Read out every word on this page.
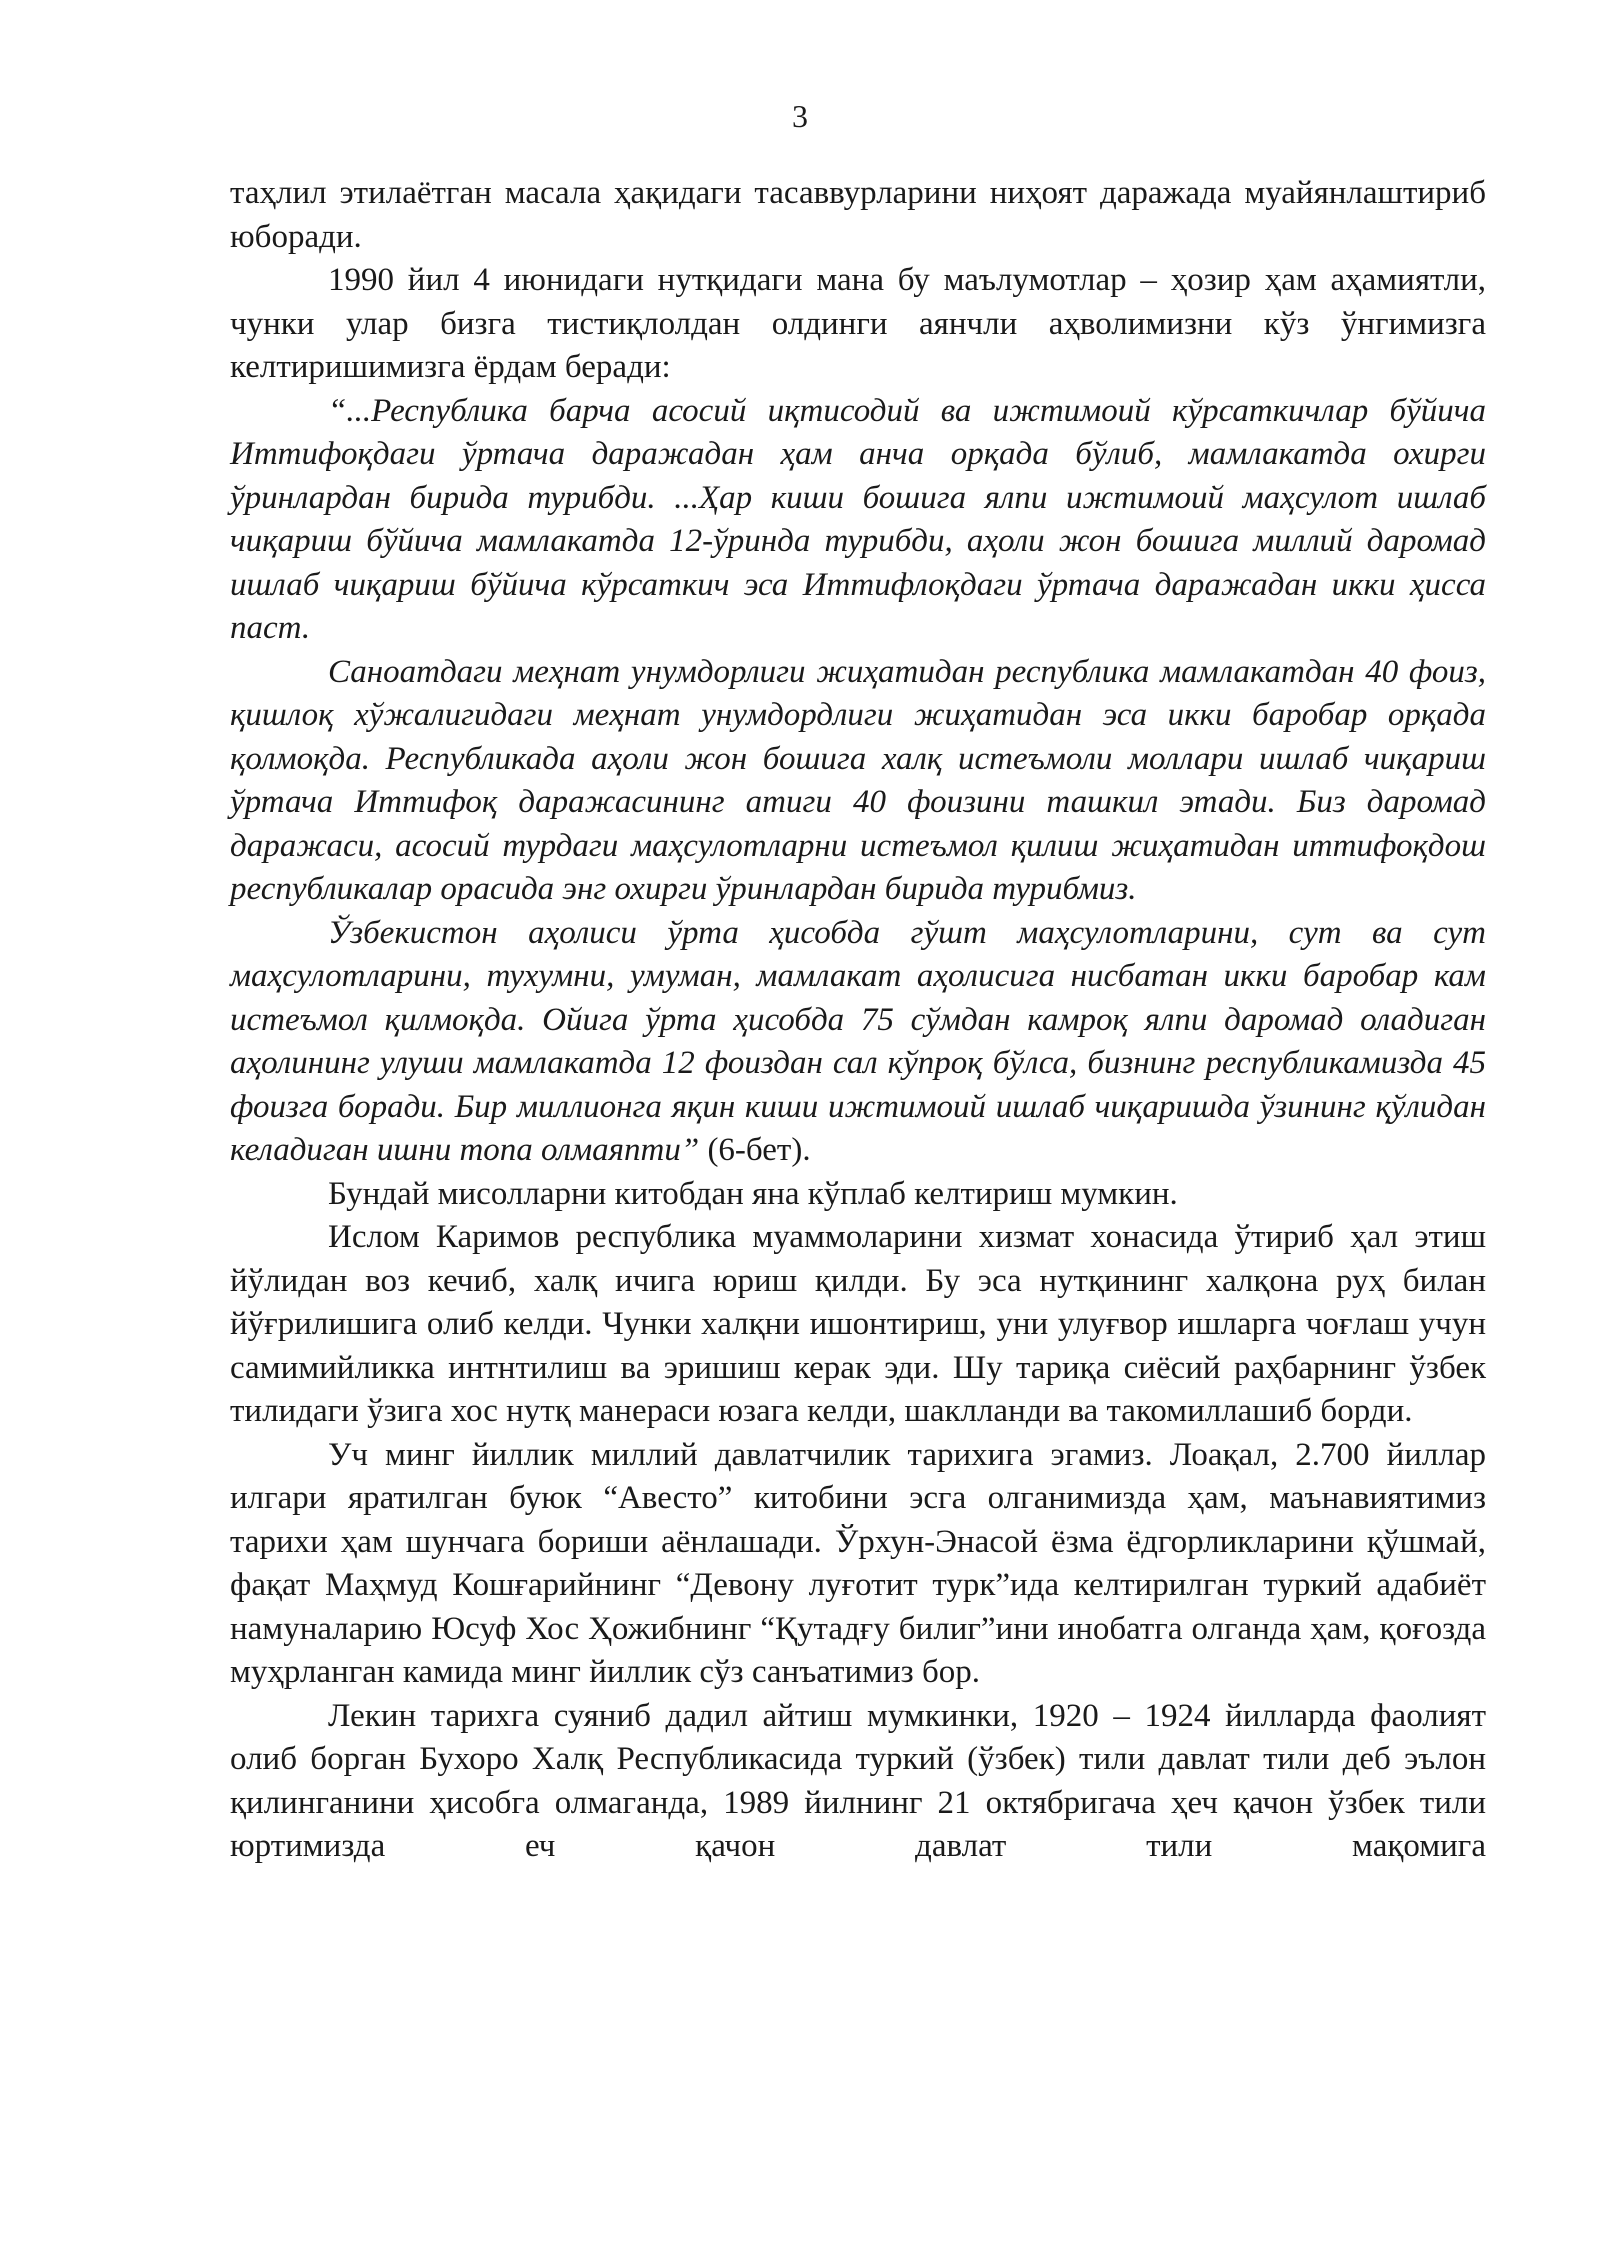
3

таҳлил этилаётган масала ҳақидаги тасаввурларини ниҳоят даражада муайянлаштириб юборади.

1990 йил 4 июнидаги нутқидаги мана бу маълумотлар – ҳозир ҳам аҳамиятли, чунки улар бизга тистиқлолдан олдинги аянчли аҳволимизни кўз ўнгимизга келтиришимизга ёрдам беради:

“...Республика барча асосий иқтисодий ва ижтимоий кўрсаткичлар бўйича Иттифоқдаги ўртача даражадан ҳам анча орқада бўлиб, мамлакатда охирги ўринлардан бирида турибди. ...Ҳар киши бошига ялпи ижтимоий маҳсулот ишлаб чиқариш бўйича мамлакатда 12-ўринда турибди, аҳоли жон бошига миллий даромад ишлаб чиқариш бўйича кўрсаткич эса Иттифлоқдаги ўртача даражадан икки ҳисса паст.

Саноатдаги меҳнат унумдорлиги жиҳатидан республика мамлакатдан 40 фоиз, қишлоқ хўжалигидаги меҳнат унумдордлиги жиҳатидан эса икки баробар орқада қолмоқда. Республикада аҳоли жон бошига халқ истеъмоли моллари ишлаб чиқариш ўртача Иттифоқ даражасининг атиги 40 фоизини ташкил этади. Биз даромад даражаси, асосий турдаги маҳсулотларни истеъмол қилиш жиҳатидан иттифоқдош республикалар орасида энг охирги ўринлардан бирида турибмиз.

Ўзбекистон аҳолиси ўрта ҳисобда гўшт маҳсулотларини, сут ва сут маҳсулотларини, тухумни, умуман, мамлакат аҳолисига нисбатан икки баробар кам истеъмол қилмоқда. Ойига ўрта ҳисобда 75 сўмдан камроқ ялпи даромад оладиган аҳолининг улуши мамлакатда 12 фоиздан сал кўпроқ бўлса, бизнинг республикамизда 45 фоизга боради. Бир миллионга яқин киши ижтимоий ишлаб чиқаришда ўзининг қўлидан келадиган ишни топа олмаяпти” (6-бет).

Бундай мисолларни китобдан яна кўплаб келтириш мумкин.

Ислом Каримов республика муаммоларини хизмат хонасида ўтириб ҳал этиш йўлидан воз кечиб, халқ ичига юриш қилди. Бу эса нутқининг халқона руҳ билан йўғрилишига олиб келди. Чунки халқни ишонтириш, уни улуғвор ишларга чоғлаш учун самимийликка интнтилиш ва эришиш керак эди. Шу тариқа сиёсий раҳбарнинг ўзбек тилидаги ўзига хос нутқ манераси юзага келди, шаклланди ва такомиллашиб борди.

Уч минг йиллик миллий давлатчилик тарихига эгамиз. Лоақал, 2.700 йиллар илгари яратилган буюк “Авесто” китобини эсга олганимизда ҳам, маънавиятимиз тарихи ҳам шунчага бориши аёнлашади. Ўрхун-Энасой ёзма ёдгорликларини қўшмай, фақат Маҳмуд Кошғарийнинг “Девону луғотит турк”ида келтирилган туркий адабиёт намуналарию Юсуф Хос Ҳожибнинг “Қутадғу билиг”ини инобатга олганда ҳам, қоғозда муҳрланган камида минг йиллик сўз санъатимиз бор.

Лекин тарихга суяниб дадил айтиш мумкинки, 1920 – 1924 йилларда фаолият олиб борган Бухоро Халқ Республикасида туркий (ўзбек) тили давлат тили деб эълон қилинганини ҳисобга олмаганда, 1989 йилнинг 21 октябригача ҳеч қачон ўзбек тили юртимизда еч қачон давлат тили мақомига
